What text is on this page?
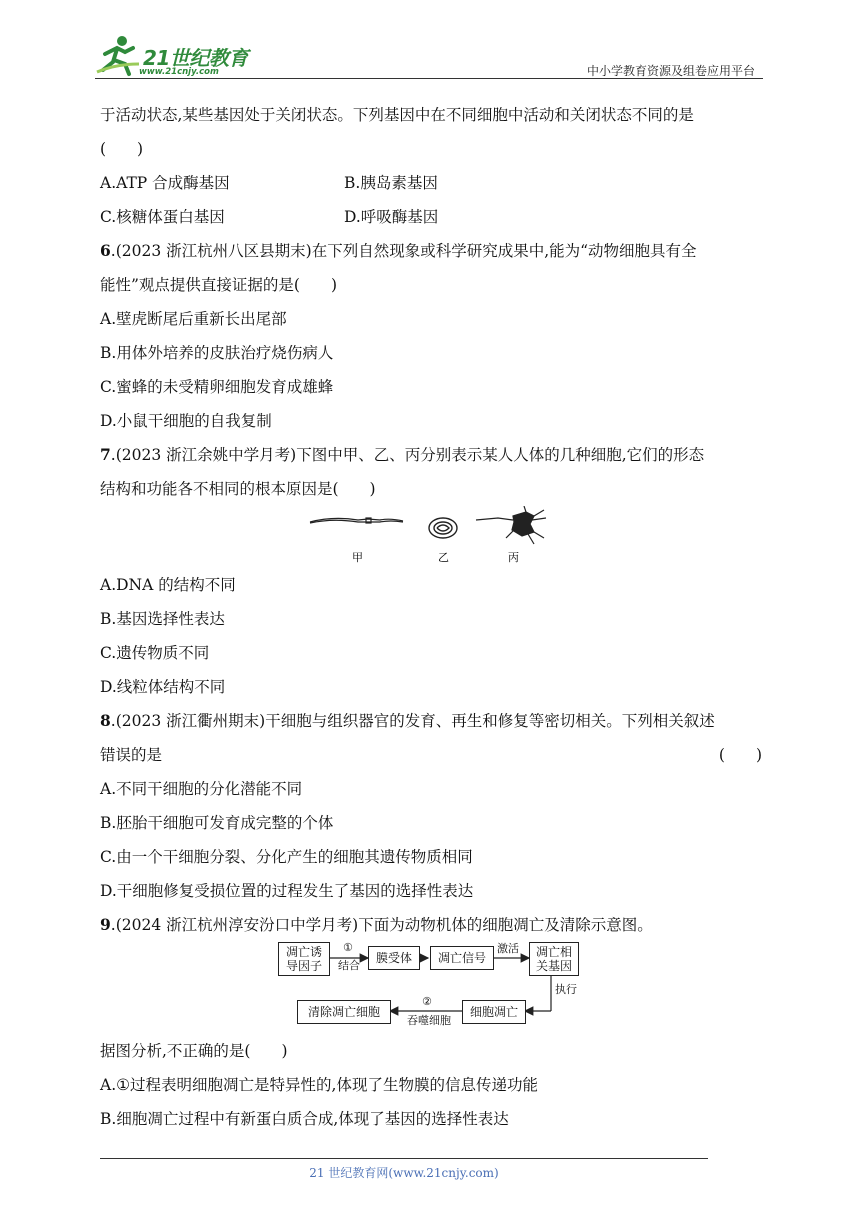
21世纪教育
www.21cnjy.com	中小学教育资源及组卷应用平台
于活动状态,某些基因处于关闭状态。下列基因中在不同细胞中活动和关闭状态不同的是
(　　)
A.ATP 合成酶基因	B.胰岛素基因
C.核糖体蛋白基因	D.呼吸酶基因
6.(2023 浙江杭州八区县期末)在下列自然现象或科学研究成果中,能为“动物细胞具有全
能性”观点提供直接证据的是(　　)
A.壁虎断尾后重新长出尾部
B.用体外培养的皮肤治疗烧伤病人
C.蜜蜂的未受精卵细胞发育成雄蜂
D.小鼠干细胞的自我复制
7.(2023 浙江余姚中学月考)下图中甲、乙、丙分别表示某人人体的几种细胞,它们的形态
结构和功能各不相同的根本原因是(　　)
甲	乙	丙
A.DNA 的结构不同
B.基因选择性表达
C.遗传物质不同
D.线粒体结构不同
8.(2023 浙江衢州期末)干细胞与组织器官的发育、再生和修复等密切相关。下列相关叙述
错误的是	(　　)
A.不同干细胞的分化潜能不同
B.胚胎干细胞可发育成完整的个体
C.由一个干细胞分裂、分化产生的细胞其遗传物质相同
D.干细胞修复受损位置的过程发生了基因的选择性表达
9.(2024 浙江杭州淳安汾口中学月考)下面为动物机体的细胞凋亡及清除示意图。
凋亡诱
导因子
①
结合
膜受体	凋亡信号
激活 凋亡相
关基因
执行
细胞凋亡
②
吞噬细胞
清除凋亡细胞
据图分析,不正确的是(　　)
A.①过程表明细胞凋亡是特异性的,体现了生物膜的信息传递功能
B.细胞凋亡过程中有新蛋白质合成,体现了基因的选择性表达
21 世纪教育网(www.21cnjy.com)
